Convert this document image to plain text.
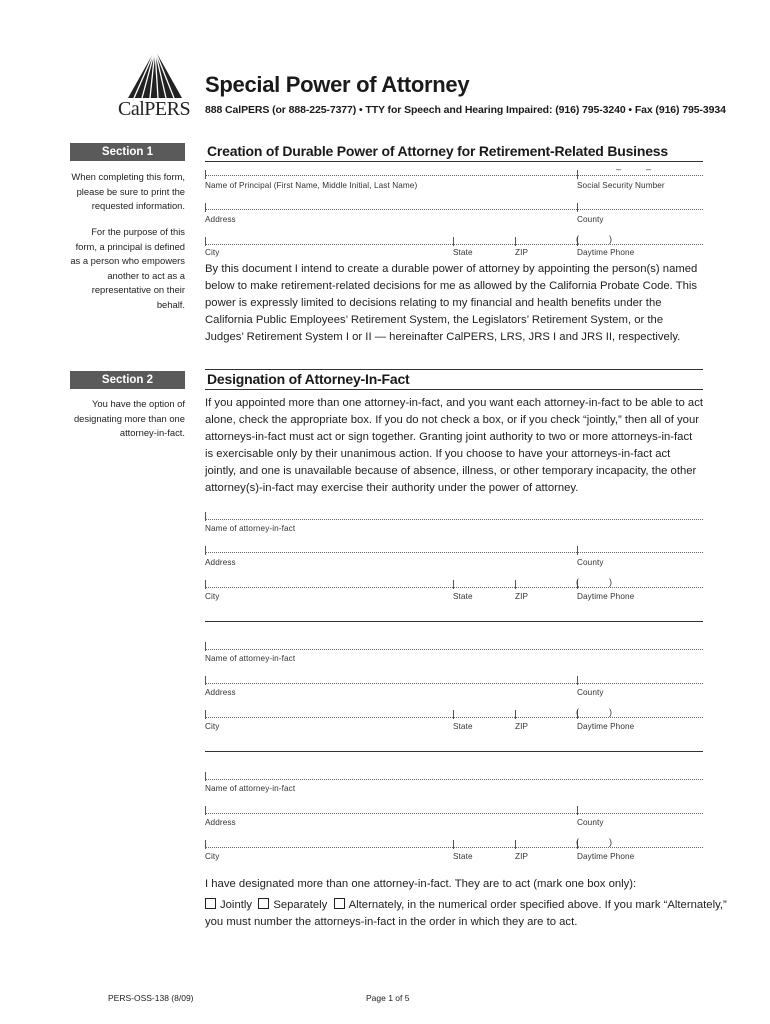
CalPERS
Special Power of Attorney
888 CalPERS (or 888-225-7377) • TTY for Speech and Hearing Impaired: (916) 795-3240 • Fax (916) 795-3934
Section 1	Creation of Durable Power of Attorney for Retirement-Related Business
When completing this form, please be sure to print the requested information.
For the purpose of this form, a principal is defined as a person who empowers another to act as a representative on their behalf.
–	–
Name of Principal (First Name, Middle Initial, Last Name)	Social Security Number
Address	County
(	)
City	State	ZIP	Daytime Phone
By this document I intend to create a durable power of attorney by appointing the person(s) named below to make retirement-related decisions for me as allowed by the California Probate Code. This power is expressly limited to decisions relating to my financial and health benefits under the California Public Employees’ Retirement System, the Legislators’ Retirement System, or the Judges’ Retirement System I or II — hereinafter CalPERS, LRS, JRS I and JRS II, respectively.
Section 2	Designation of Attorney-In-Fact
You have the option of designating more than one attorney-in-fact.
If you appointed more than one attorney-in-fact, and you want each attorney-in-fact to be able to act alone, check the appropriate box. If you do not check a box, or if you check “jointly,” then all of your attorneys-in-fact must act or sign together. Granting joint authority to two or more attorneys-in-fact is exercisable only by their unanimous action. If you choose to have your attorneys-in-fact act jointly, and one is unavailable because of absence, illness, or other temporary incapacity, the other attorney(s)-in-fact may exercise their authority under the power of attorney.
Name of attorney-in-fact
Address	County
(	)
City	State	ZIP	Daytime Phone
Name of attorney-in-fact
Address	County
(	)
City	State	ZIP	Daytime Phone
Name of attorney-in-fact
Address	County
(	)
City	State	ZIP	Daytime Phone
I have designated more than one attorney-in-fact. They are to act (mark one box only):
Jointly Separately Alternately, in the numerical order specified above. If you mark “Alternately,”
you must number the attorneys-in-fact in the order in which they are to act.
PERS-OSS-138 (8/09)	Page 1 of 5
